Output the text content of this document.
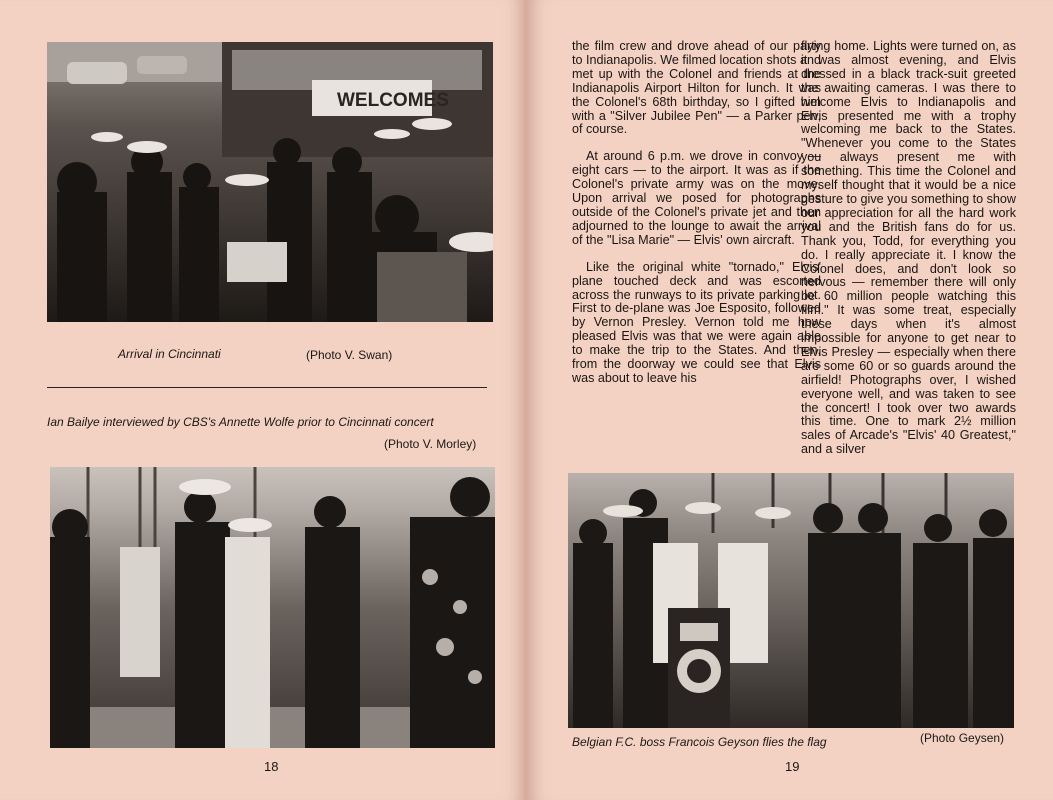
WELCOMES
Arrival in Cincinnati	(Photo V. Swan)
Ian Bailye interviewed by CBS's Annette Wolfe prior to Cincinnati concert
(Photo V. Morley)
18

the film crew and drove ahead of our party to Indianapolis. We filmed location shots and met up with the Colonel and friends at the Indianapolis Airport Hilton for lunch. It was the Colonel's 68th birthday, so I gifted him with a "Silver Jubilee Pen" — a Parker pen, of course.

At around 6 p.m. we drove in convoy — eight cars — to the airport. It was as if the Colonel's private army was on the move. Upon arrival we posed for photographs outside of the Colonel's private jet and then adjourned to the lounge to await the arrival of the "Lisa Marie" — Elvis' own aircraft.

Like the original white "tornado," Elvis' plane touched deck and was escorted across the runways to its private parking lot. First to de-plane was Joe Esposito, followed by Vernon Presley. Vernon told me how pleased Elvis was that we were again able to make the trip to the States. And then, from the doorway we could see that Elvis was about to leave his

flying home. Lights were turned on, as it was almost evening, and Elvis dressed in a black track-suit greeted the awaiting cameras. I was there to welcome Elvis to Indianapolis and Elvis presented me with a trophy welcoming me back to the States. "Whenever you come to the States you always present me with something. This time the Colonel and myself thought that it would be a nice gesture to give you something to show our appreciation for all the hard work you and the British fans do for us. Thank you, Todd, for everything you do. I really appreciate it. I know the Colonel does, and don't look so nervous — remember there will only be 60 million people watching this film." It was some treat, especially these days when it's almost impossible for anyone to get near to Elvis Presley — especially when there are some 60 or so guards around the airfield! Photographs over, I wished everyone well, and was taken to see the concert! I took over two awards this time. One to mark 2½ million sales of Arcade's "Elvis' 40 Greatest," and a silver

Belgian F.C. boss Francois Geyson flies the flag	(Photo Geysen)
19
